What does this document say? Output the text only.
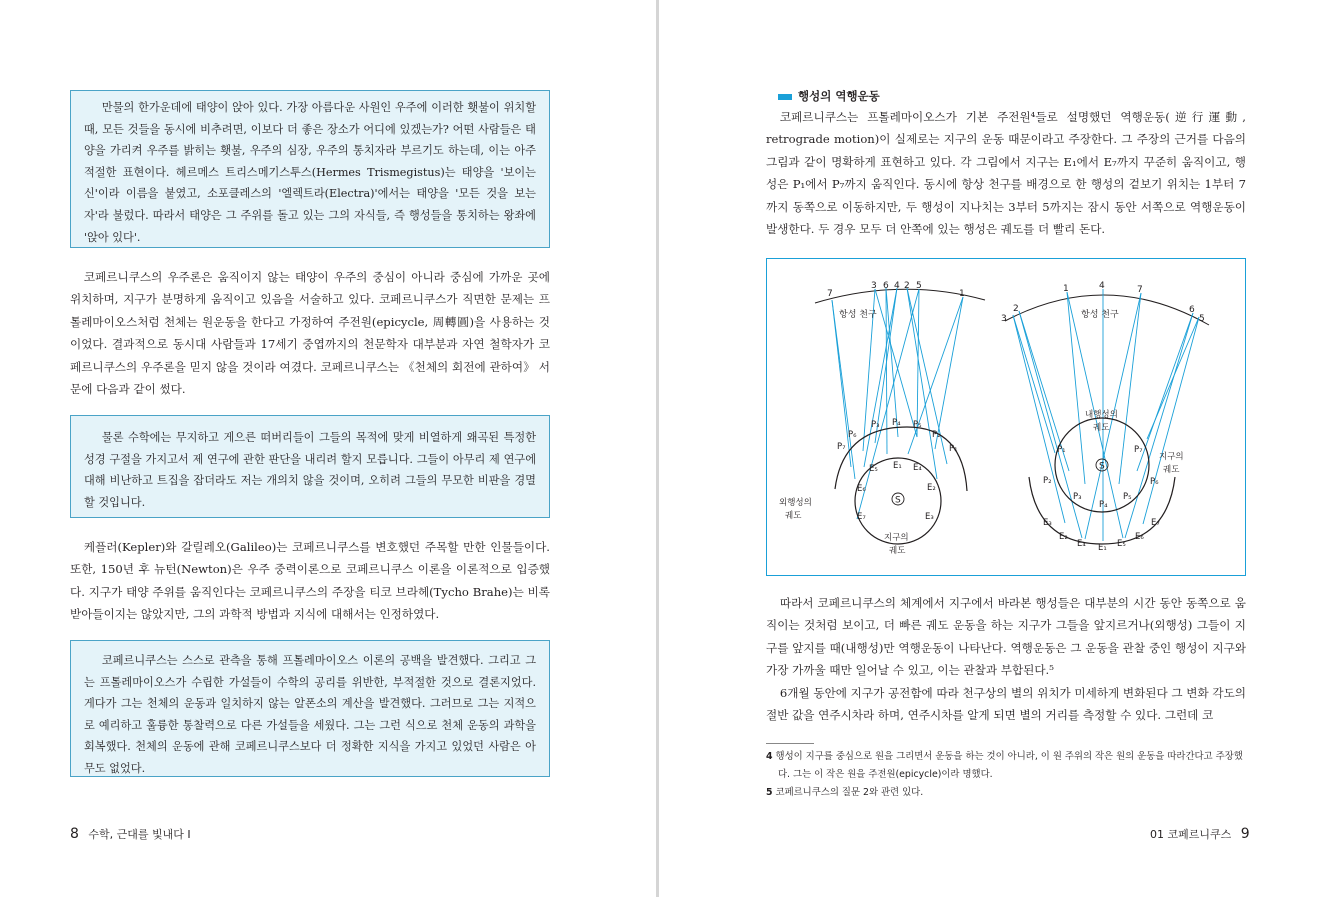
만물의 한가운데에 태양이 앉아 있다. 가장 아름다운 사원인 우주에 이러한 횃불이 위치할 때, 모든 것들을 동시에 비추려면, 이보다 더 좋은 장소가 어디에 있겠는가? 어떤 사람들은 태양을 가리켜 우주를 밝히는 횃불, 우주의 심장, 우주의 통치자라 부르기도 하는데, 이는 아주 적절한 표현이다. 헤르메스 트리스메기스투스(Hermes Trismegistus)는 태양을 '보이는 신'이라 이름을 붙였고, 소포클레스의 '엘렉트라(Electra)'에서는 태양을 '모든 것을 보는 자'라 불렀다. 따라서 태양은 그 주위를 돌고 있는 그의 자식들, 즉 행성들을 통치하는 왕좌에 '앉아 있다'.

코페르니쿠스의 우주론은 움직이지 않는 태양이 우주의 중심이 아니라 중심에 가까운 곳에 위치하며, 지구가 분명하게 움직이고 있음을 서술하고 있다. 코페르니쿠스가 직면한 문제는 프톨레마이오스처럼 천체는 원운동을 한다고 가정하여 주전원(epicycle, 周轉圓)을 사용하는 것이었다. 결과적으로 동시대 사람들과 17세기 중엽까지의 천문학자 대부분과 자연 철학자가 코페르니쿠스의 우주론을 믿지 않을 것이라 여겼다. 코페르니쿠스는 《천체의 회전에 관하여》 서문에 다음과 같이 썼다.

물론 수학에는 무지하고 게으른 떠버리들이 그들의 목적에 맞게 비열하게 왜곡된 특정한 성경 구절을 가지고서 제 연구에 관한 판단을 내리려 할지 모릅니다. 그들이 아무리 제 연구에 대해 비난하고 트집을 잡더라도 저는 개의치 않을 것이며, 오히려 그들의 무모한 비판을 경멸할 것입니다.

케플러(Kepler)와 갈릴레오(Galileo)는 코페르니쿠스를 변호했던 주목할 만한 인물들이다. 또한, 150년 후 뉴턴(Newton)은 우주 중력이론으로 코페르니쿠스 이론을 이론적으로 입증했다. 지구가 태양 주위를 움직인다는 코페르니쿠스의 주장을 티코 브라헤(Tycho Brahe)는 비록 받아들이지는 않았지만, 그의 과학적 방법과 지식에 대해서는 인정하였다.

코페르니쿠스는 스스로 관측을 통해 프톨레마이오스 이론의 공백을 발견했다. 그리고 그는 프톨레마이오스가 수립한 가설들이 수학의 공리를 위반한, 부적절한 것으로 결론지었다. 게다가 그는 천체의 운동과 일치하지 않는 알폰소의 계산을 발견했다. 그러므로 그는 지적으로 예리하고 훌륭한 통찰력으로 다른 가설들을 세웠다. 그는 그런 식으로 천체 운동의 과학을 회복했다. 천체의 운동에 관해 코페르니쿠스보다 더 정확한 지식을 가지고 있었던 사람은 아무도 없었다.

8 수학, 근대를 빛내다 I
행성의 역행운동

코페르니쿠스는 프톨레마이오스가 기본 주전원⁴들로 설명했던 역행운동(逆行運動, retrograde motion)이 실제로는 지구의 운동 때문이라고 주장한다. 그 주장의 근거를 다음의 그림과 같이 명확하게 표현하고 있다. 각 그림에서 지구는 E₁에서 E₇까지 꾸준히 움직이고, 행성은 P₁에서 P₇까지 움직인다. 동시에 항상 천구를 배경으로 한 행성의 겉보기 위치는 1부터 7까지 동쪽으로 이동하지만, 두 행성이 지나치는 3부터 5까지는 잠시 동안 서쪽으로 역행운동이 발생한다. 두 경우 모두 더 안쪽에 있는 행성은 궤도를 더 빨리 돈다.

S
항성 천구
외행성의
궤도
지구의
궤도
7
3 6 4 2 5
1
P₁
P₂
P₃ P₄ P₅
P₆
P₇
E₁
E₂
E₃
E₄
E₅
E₆
E₇
S
항성 천구
내행성의
궤도
지구의
궤도
3
2
1	4	7
6
5
P₁
P₂
P₃
P₄
P₅
P₆
P₇
E₁
E₂
E₃
E₄	E₅
E₆
E₇

따라서 코페르니쿠스의 체계에서 지구에서 바라본 행성들은 대부분의 시간 동안 동쪽으로 움직이는 것처럼 보이고, 더 빠른 궤도 운동을 하는 지구가 그들을 앞지르거나(외행성) 그들이 지구를 앞지를 때(내행성)만 역행운동이 나타난다. 역행운동은 그 운동을 관찰 중인 행성이 지구와 가장 가까울 때만 일어날 수 있고, 이는 관찰과 부합된다.⁵

6개월 동안에 지구가 공전함에 따라 천구상의 별의 위치가 미세하게 변화된다 그 변화 각도의 절반 값을 연주시차라 하며, 연주시차를 알게 되면 별의 거리를 측정할 수 있다. 그런데 코

4 행성이 지구를 중심으로 원을 그리면서 운동을 하는 것이 아니라, 이 원 주위의 작은 원의 운동을 따라간다고 주장했다. 그는 이 작은 원을 주전원(epicycle)이라 명했다.
5 코페르니쿠스의 질문 2와 관련 있다.
01 코페르니쿠스 9
